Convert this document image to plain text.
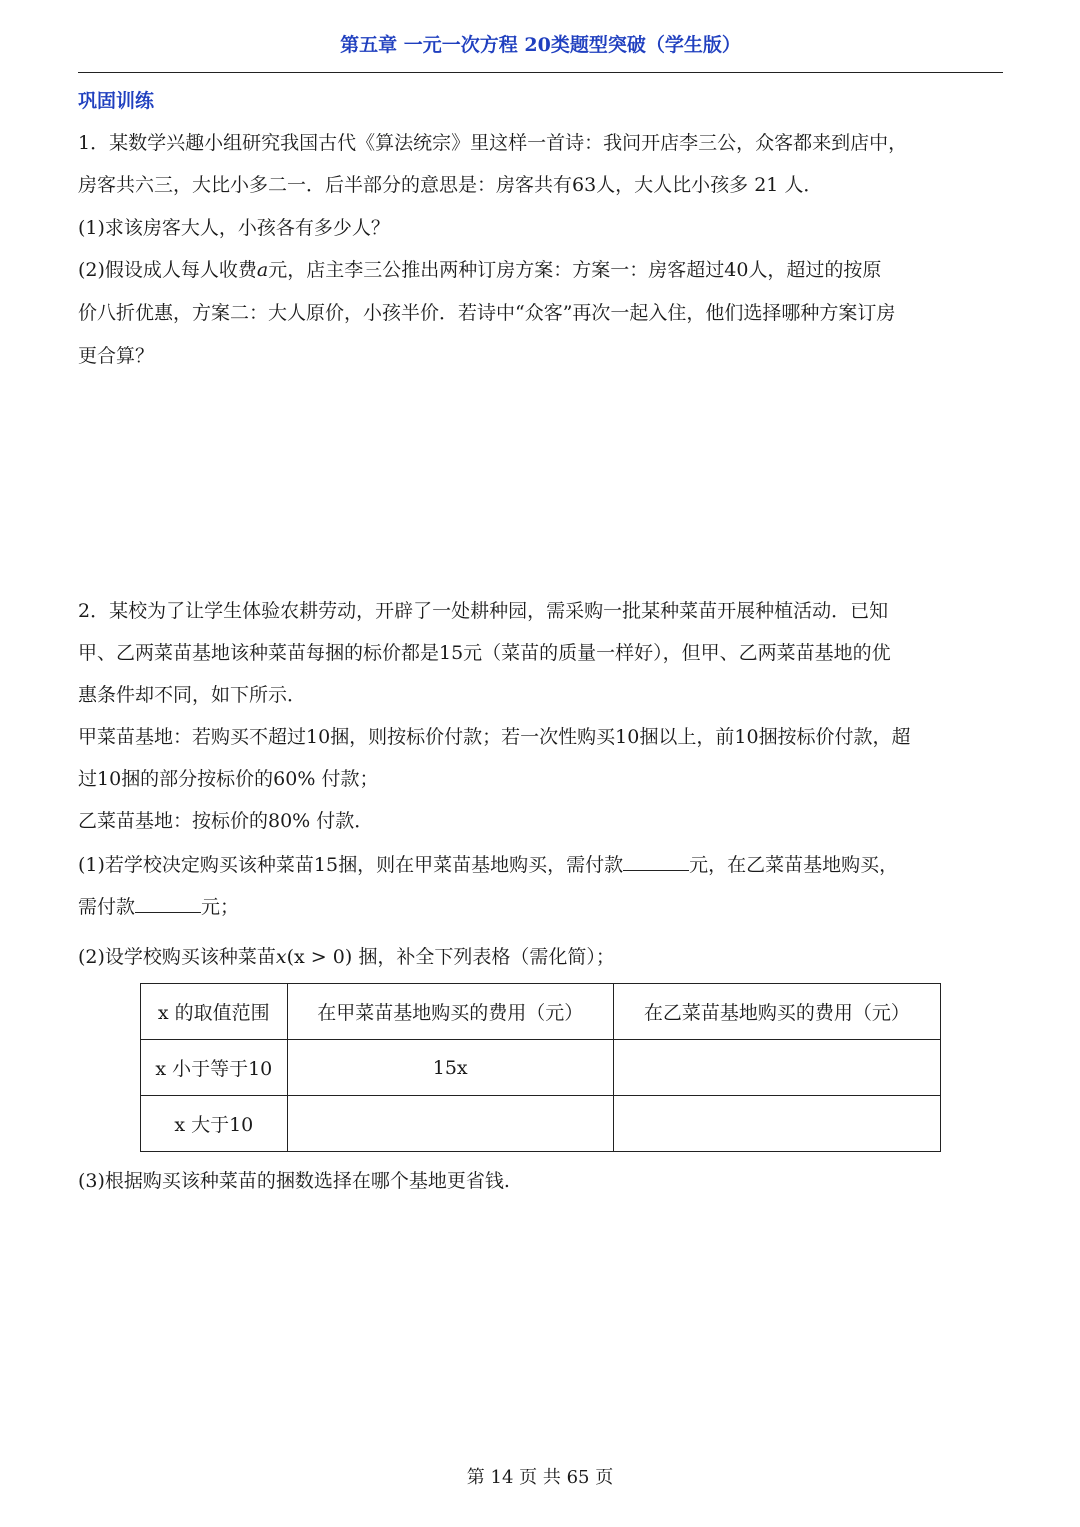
第五章 一元一次方程 20类题型突破（学生版）
巩固训练
1．某数学兴趣小组研究我国古代《算法统宗》里这样一首诗：我问开店李三公，众客都来到店中，
房客共六三，大比小多二一．后半部分的意思是：房客共有63人，大人比小孩多 21 人．
(1)求该房客大人，小孩各有多少人？
(2)假设成人每人收费a元，店主李三公推出两种订房方案：方案一：房客超过40人，超过的按原
价八折优惠，方案二：大人原价，小孩半价．若诗中“众客”再次一起入住，他们选择哪种方案订房
更合算？
2．某校为了让学生体验农耕劳动，开辟了一处耕种园，需采购一批某种菜苗开展种植活动．已知
甲、乙两菜苗基地该种菜苗每捆的标价都是15元（菜苗的质量一样好），但甲、乙两菜苗基地的优
惠条件却不同，如下所示．
甲菜苗基地：若购买不超过10捆，则按标价付款；若一次性购买10捆以上，前10捆按标价付款，超
过10捆的部分按标价的60% 付款；
乙菜苗基地：按标价的80% 付款．
(1)若学校决定购买该种菜苗15捆，则在甲菜苗基地购买，需付款	元，在乙菜苗基地购买，
需付款	元；
(2)设学校购买该种菜苗x(x > 0) 捆，补全下列表格（需化简）；
x 的取值范围	在甲菜苗基地购买的费用（元）	在乙菜苗基地购买的费用（元）
x 小于等于10	15x	
x 大于10		
(3)根据购买该种菜苗的捆数选择在哪个基地更省钱.
第 14 页 共 65 页
